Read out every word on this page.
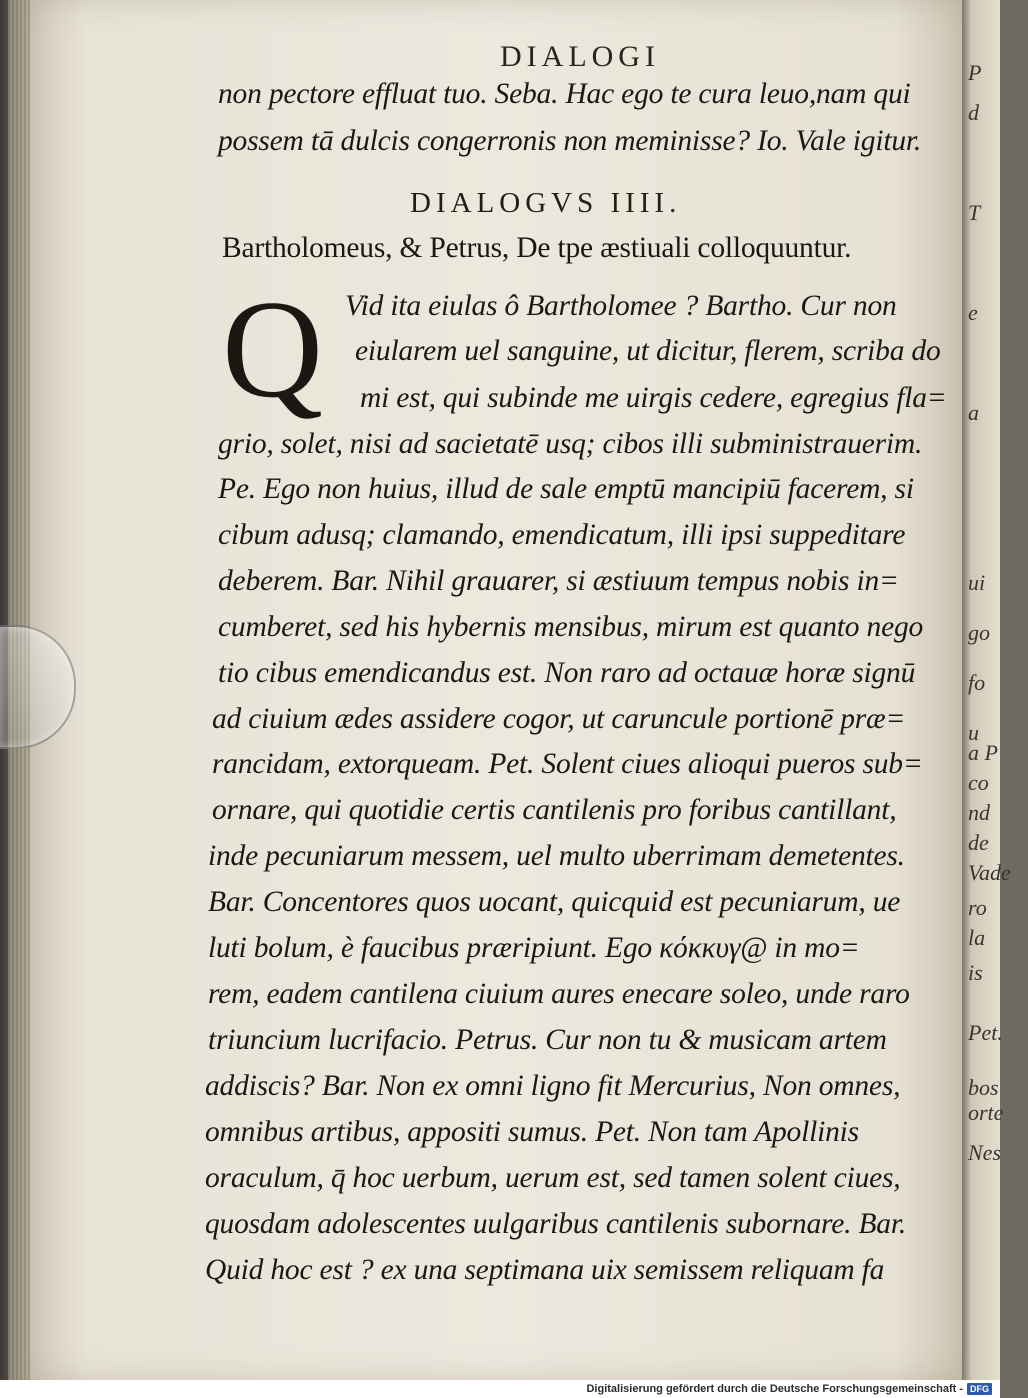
P
d
T
e
a
ui
go
fo
u
a P
co
nd
de
Vade
ro
la
is
Pet.
bos
orte
Nes
DIALOGI
non pectore effluat tuo. Seba. Hac ego te cura leuo,nam qui
possem tā dulcis congerronis non meminisse? Io. Vale igitur.
DIALOGVS IIII.
Bartholomeus, & Petrus, De tpe æstiuali colloquuntur.
Q Vid ita eiulas ô Bartholomee ? Bartho. Cur non
eiularem uel sanguine, ut dicitur, flerem, scriba do
mi est, qui subinde me uirgis cedere, egregius fla=
grio, solet, nisi ad sacietatē usq; cibos illi subministrauerim.
Pe. Ego non huius, illud de sale emptū mancipiū facerem, si
cibum adusq; clamando, emendicatum, illi ipsi suppeditare
deberem. Bar. Nihil grauarer, si æstiuum tempus nobis in=
cumberet, sed his hybernis mensibus, mirum est quanto nego
tio cibus emendicandus est. Non raro ad octauæ horæ signū
ad ciuium ædes assidere cogor, ut caruncule portionē præ=
rancidam, extorqueam. Pet. Solent ciues alioqui pueros sub=
ornare, qui quotidie certis cantilenis pro foribus cantillant,
inde pecuniarum messem, uel multo uberrimam demetentes.
Bar. Concentores quos uocant, quicquid est pecuniarum, ue
luti bolum, è faucibus præripiunt. Ego κόκκυγ@ in mo=
rem, eadem cantilena ciuium aures enecare soleo, unde raro
triuncium lucrifacio. Petrus. Cur non tu & musicam artem
addiscis? Bar. Non ex omni ligno fit Mercurius, Non omnes,
omnibus artibus, appositi sumus. Pet. Non tam Apollinis
oraculum, q̄ hoc uerbum, uerum est, sed tamen solent ciues,
quosdam adolescentes uulgaribus cantilenis subornare. Bar.
Quid hoc est ? ex una septimana uix semissem reliquam fa
Digitalisierung gefördert durch die Deutsche Forschungsgemeinschaft - DFG
